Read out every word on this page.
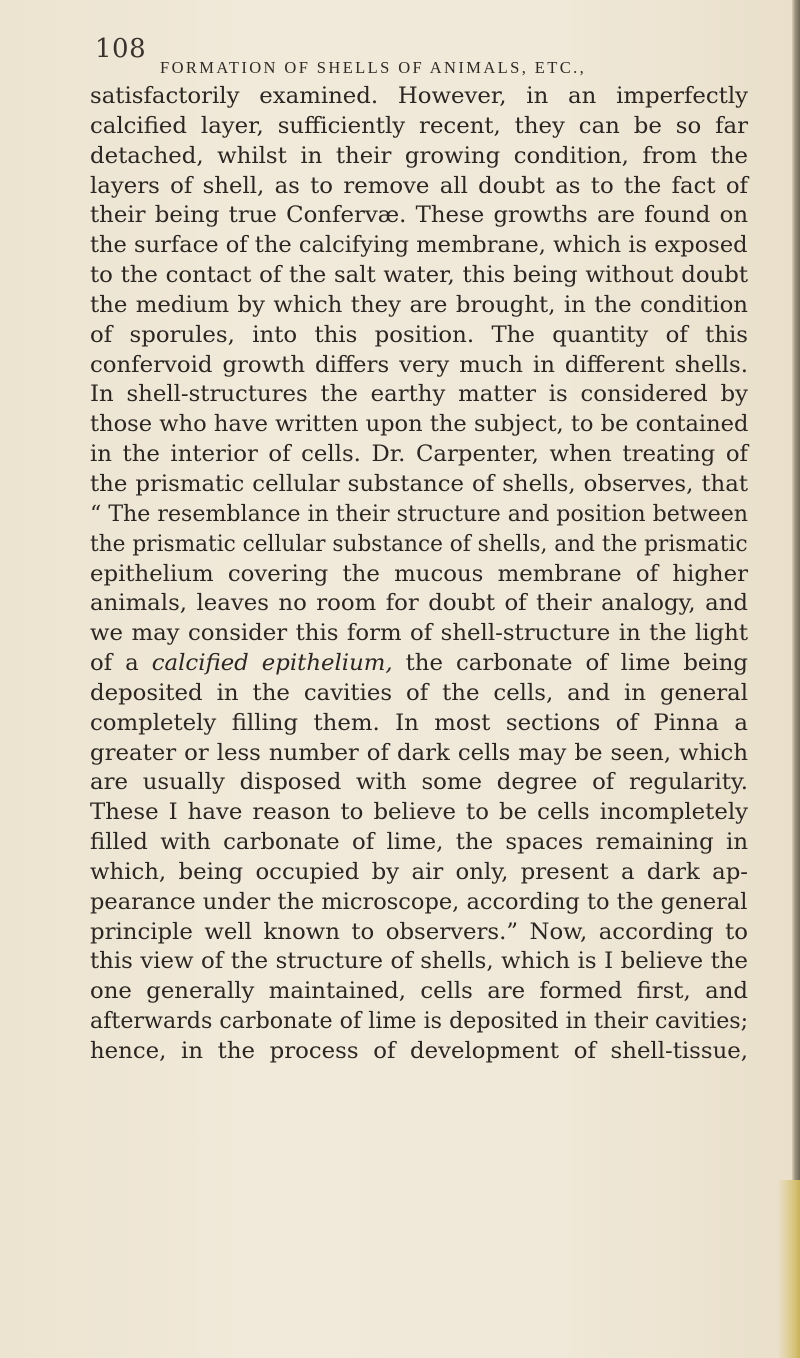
108
FORMATION OF SHELLS OF ANIMALS, ETC.,
satisfactorily examined. However, in an imperfectly
calcified layer, sufficiently recent, they can be so far
detached, whilst in their growing condition, from the
layers of shell, as to remove all doubt as to the fact of
their being true Confervæ. These growths are found on
the surface of the calcifying membrane, which is exposed
to the contact of the salt water, this being without doubt
the medium by which they are brought, in the condition
of sporules, into this position. The quantity of this
confervoid growth differs very much in different shells.
In shell-structures the earthy matter is considered by
those who have written upon the subject, to be contained
in the interior of cells. Dr. Carpenter, when treating of
the prismatic cellular substance of shells, observes, that
“ The resemblance in their structure and position between
the prismatic cellular substance of shells, and the prismatic
epithelium covering the mucous membrane of higher
animals, leaves no room for doubt of their analogy, and
we may consider this form of shell-structure in the light
of a calcified epithelium, the carbonate of lime being
deposited in the cavities of the cells, and in general
completely filling them. In most sections of Pinna a
greater or less number of dark cells may be seen, which
are usually disposed with some degree of regularity.
These I have reason to believe to be cells incompletely
filled with carbonate of lime, the spaces remaining in
which, being occupied by air only, present a dark ap-
pearance under the microscope, according to the general
principle well known to observers.” Now, according to
this view of the structure of shells, which is I believe the
one generally maintained, cells are formed first, and
afterwards carbonate of lime is deposited in their cavities;
hence, in the process of development of shell-tissue,
